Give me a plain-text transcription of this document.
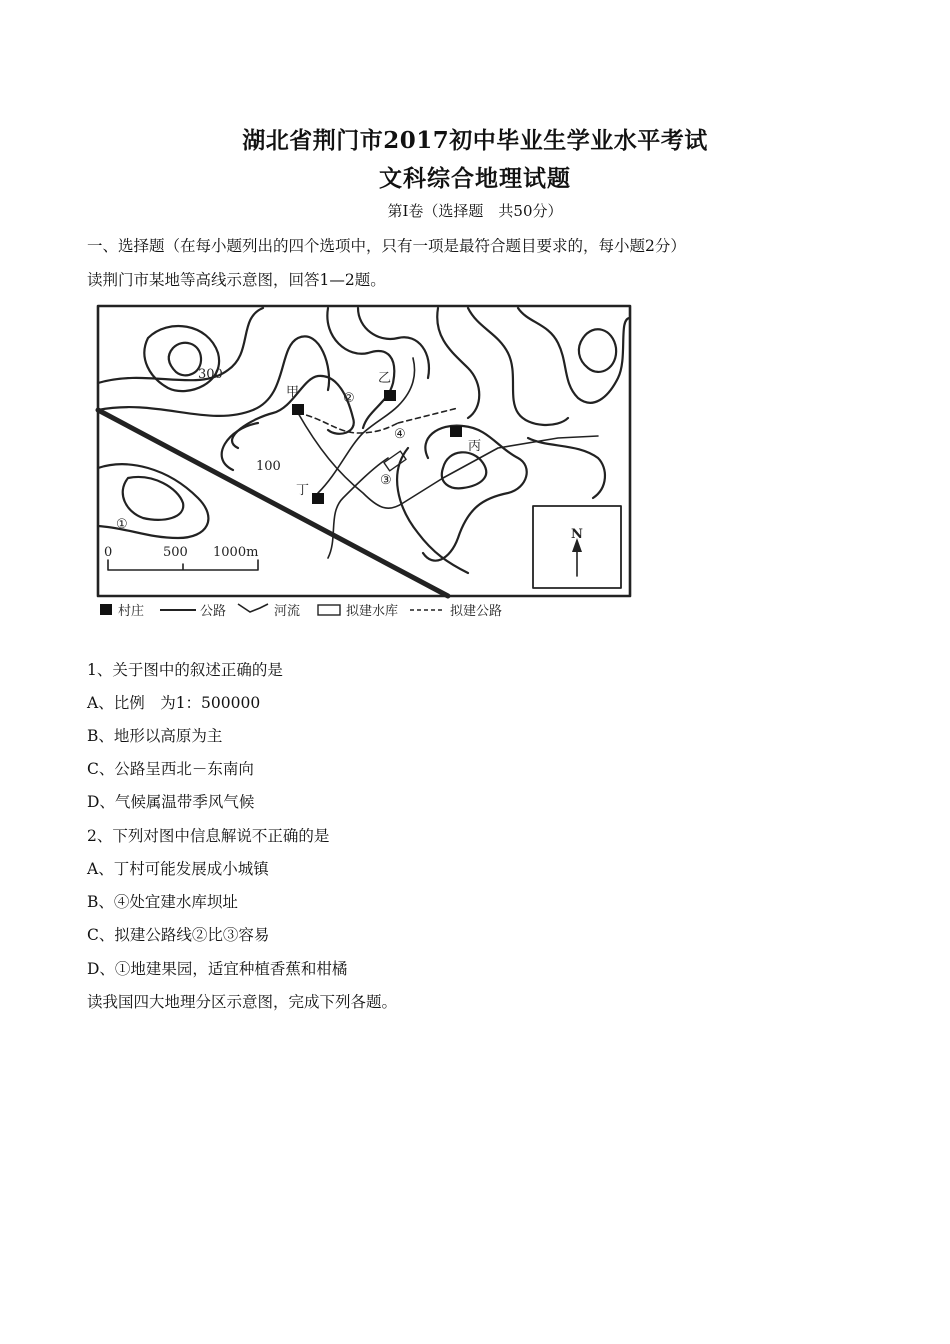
湖北省荆门市2017初中毕业生学业水平考试
文科综合地理试题
第Ⅰ卷（选择题　共50分）
一、选择题（在每小题列出的四个选项中，只有一项是最符合题目要求的，每小题2分）
读荆门市某地等高线示意图，回答1—2题。
300
100
甲
乙
丙
丁
①
②
③
④
0	500 1000m
N
村庄	公路	河流	拟建水库	拟建公路
1、关于图中的叙述正确的是
A、比例　为1：500000
B、地形以高原为主
C、公路呈西北－东南向
D、气候属温带季风气候
2、下列对图中信息解说不正确的是
A、丁村可能发展成小城镇
B、④处宜建水库坝址
C、拟建公路线②比③容易
D、①地建果园，适宜种植香蕉和柑橘
读我国四大地理分区示意图，完成下列各题。
